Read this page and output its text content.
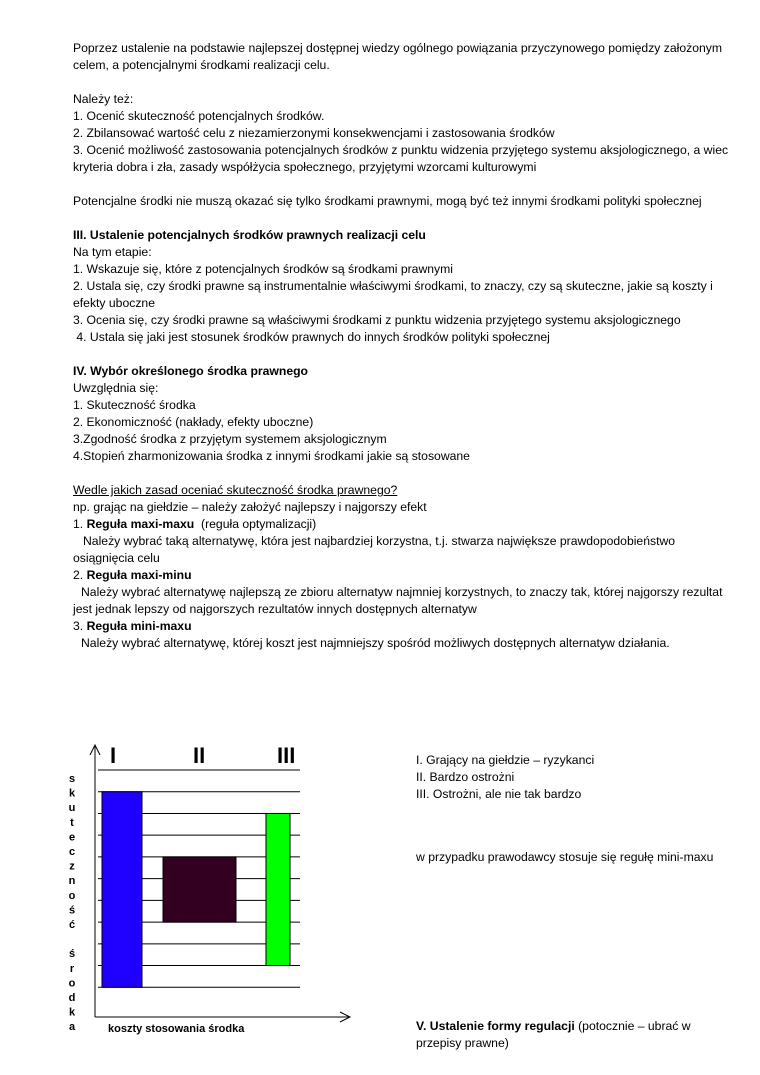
Poprzez ustalenie na podstawie najlepszej dostępnej wiedzy ogólnego powiązania przyczynowego pomiędzy założonym celem, a potencjalnymi środkami realizacji celu.

Należy też:

1. Ocenić skuteczność potencjalnych środków.

2. Zbilansować wartość celu z niezamierzonymi konsekwencjami i zastosowania środków

3. Ocenić możliwość zastosowania potencjalnych środków z punktu widzenia przyjętego systemu aksjologicznego, a wiec kryteria dobra i zła, zasady współżycia społecznego, przyjętymi wzorcami kulturowymi

Potencjalne środki nie muszą okazać się tylko środkami prawnymi, mogą być też innymi środkami polityki społecznej

III. Ustalenie potencjalnych środków prawnych realizacji celu

Na tym etapie:

1. Wskazuje się, które z potencjalnych środków są środkami prawnymi

2. Ustala się, czy środki prawne są instrumentalnie właściwymi środkami, to znaczy, czy są skuteczne, jakie są koszty i efekty uboczne

3. Ocenia się, czy środki prawne są właściwymi środkami z punktu widzenia przyjętego systemu aksjologicznego

4. Ustala się jaki jest stosunek środków prawnych do innych środków polityki społecznej

IV. Wybór określonego środka prawnego

Uwzględnia się:

1. Skuteczność środka

2. Ekonomiczność (nakłady, efekty uboczne)

3.Zgodność środka z przyjętym systemem aksjologicznym

4.Stopień zharmonizowania środka z innymi środkami jakie są stosowane

Wedle jakich zasad oceniać skuteczność środka prawnego?

np. grając na giełdzie – należy założyć najlepszy i najgorszy efekt

1. Reguła maxi-maxu  (reguła optymalizacji)

Należy wybrać taką alternatywę, która jest najbardziej korzystna, t.j. stwarza największe prawdopodobieństwo osiągnięcia celu

2. Reguła maxi-minu

Należy wybrać alternatywę najlepszą ze zbioru alternatyw najmniej korzystnych, to znaczy tak, której najgorszy rezultat jest jednak lepszy od najgorszych rezultatów innych dostępnych alternatyw

3. Reguła mini-maxu

Należy wybrać alternatywę, której koszt jest najmniejszy spośród możliwych dostępnych alternatyw działania.

I	II	III
s
k
u
t
e
c
z
n
o
ś
ć
ś
r
o
d
k
a	koszty stosowania środka

I. Grający na giełdzie – ryzykanci

II. Bardzo ostrożni

III. Ostrożni, ale nie tak bardzo

w przypadku prawodawcy stosuje się regułę mini-maxu

V. Ustalenie formy regulacji (potocznie – ubrać w przepisy prawne)
